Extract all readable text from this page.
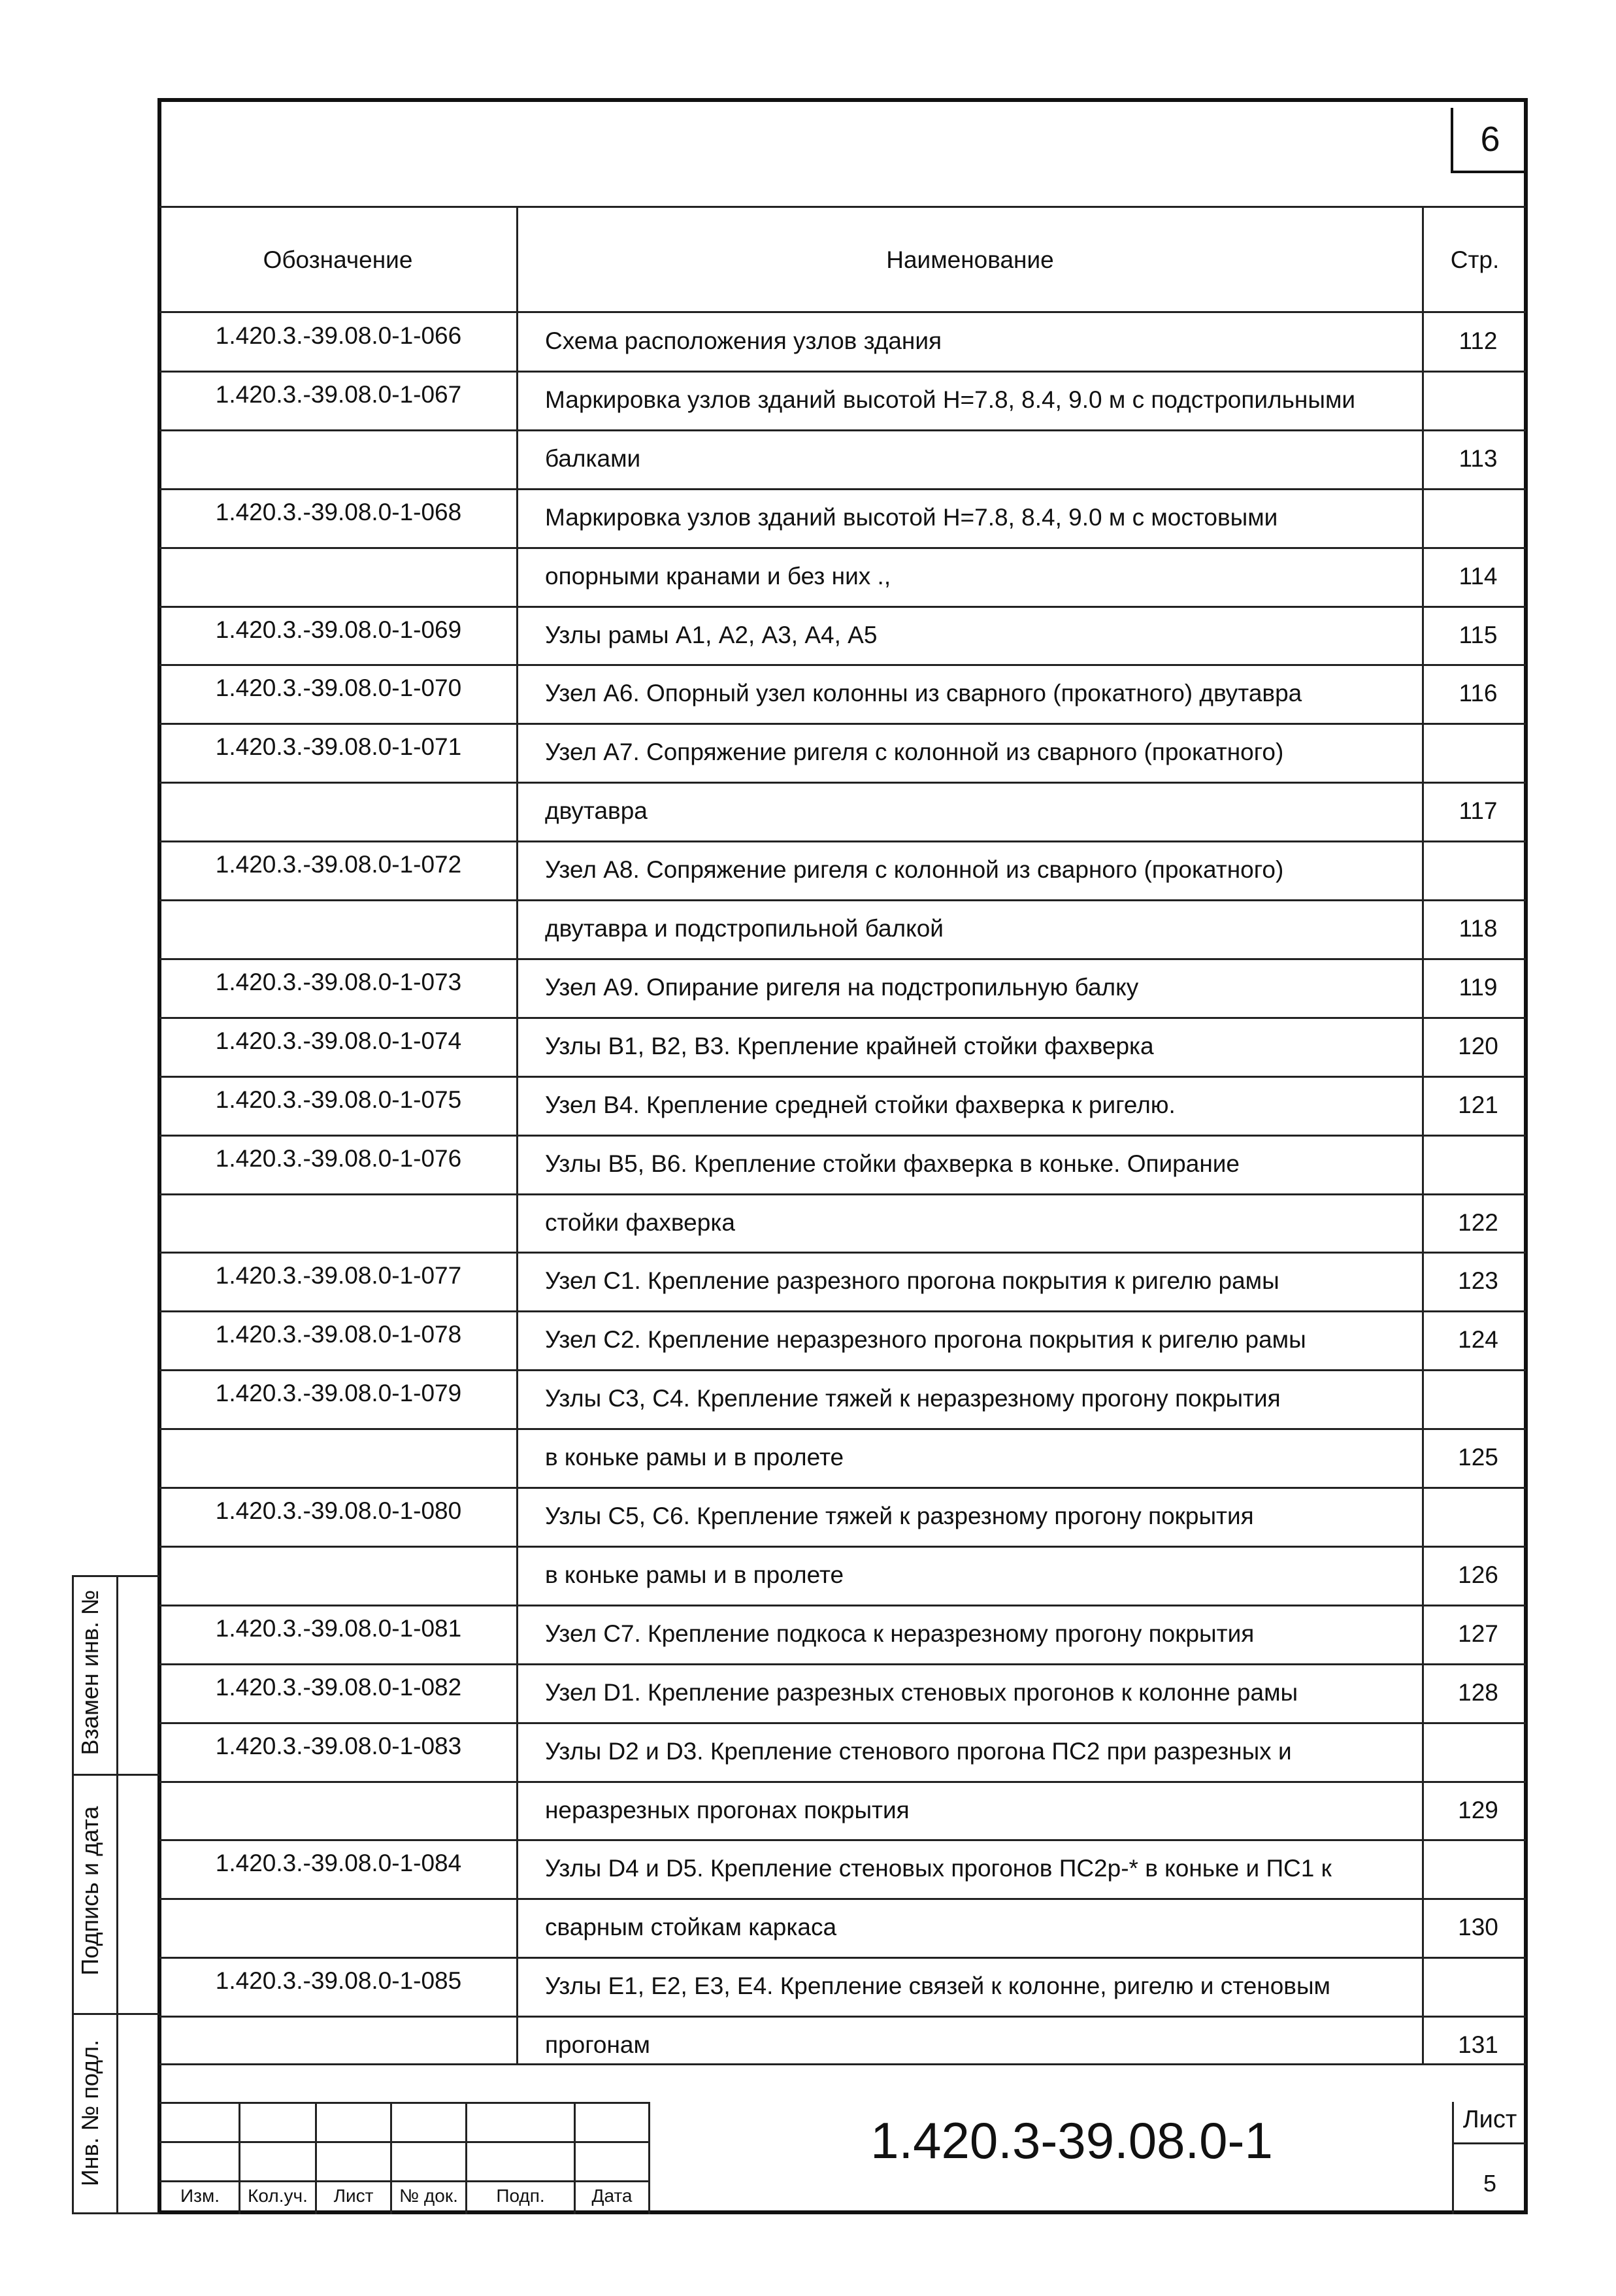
6
Обозначение	Наименование	Стр.
1.420.3.-39.08.0-1-066	Схема расположения узлов здания	112
1.420.3.-39.08.0-1-067	Маркировка узлов зданий высотой Н=7.8, 8.4, 9.0 м с подстропильными
балками	113
1.420.3.-39.08.0-1-068	Маркировка узлов зданий высотой Н=7.8, 8.4, 9.0 м с мостовыми
опорными кранами и без них .,	114
1.420.3.-39.08.0-1-069	Узлы рамы А1, А2, А3, А4, А5	115
1.420.3.-39.08.0-1-070	Узел А6. Опорный узел колонны из сварного (прокатного) двутавра	116
1.420.3.-39.08.0-1-071	Узел А7. Сопряжение ригеля с колонной из сварного (прокатного)
двутавра	117
1.420.3.-39.08.0-1-072	Узел А8. Сопряжение ригеля с колонной из сварного (прокатного)
двутавра и подстропильной балкой	118
1.420.3.-39.08.0-1-073	Узел А9. Опирание ригеля на подстропильную балку	119
1.420.3.-39.08.0-1-074	Узлы В1, В2, В3. Крепление крайней стойки фахверка	120
1.420.3.-39.08.0-1-075	Узел В4. Крепление средней стойки фахверка к ригелю.	121
1.420.3.-39.08.0-1-076	Узлы В5, В6. Крепление стойки фахверка в коньке. Опирание
стойки фахверка	122
1.420.3.-39.08.0-1-077	Узел С1. Крепление разрезного прогона покрытия к ригелю рамы	123
1.420.3.-39.08.0-1-078	Узел С2. Крепление неразрезного прогона покрытия к ригелю рамы	124
1.420.3.-39.08.0-1-079	Узлы С3, С4. Крепление тяжей к неразрезному прогону покрытия
в коньке рамы и в пролете	125
1.420.3.-39.08.0-1-080	Узлы С5, С6. Крепление тяжей к разрезному прогону покрытия
в коньке рамы и в пролете	126
1.420.3.-39.08.0-1-081	Узел С7. Крепление подкоса к неразрезному прогону покрытия	127
1.420.3.-39.08.0-1-082	Узел D1. Крепление разрезных стеновых прогонов к колонне рамы	128
1.420.3.-39.08.0-1-083	Узлы D2 и D3. Крепление стенового прогона ПС2 при разрезных и
неразрезных прогонах покрытия	129
1.420.3.-39.08.0-1-084	Узлы D4 и D5. Крепление стеновых прогонов ПС2р-* в коньке и ПС1 к
сварным стойкам каркаса	130
1.420.3.-39.08.0-1-085	Узлы Е1, Е2, Е3, Е4. Крепление связей к колонне, ригелю и стеновым
прогонам	131
Взамен инв. №
Подпись и дата
Инв. № подл.
Изм.	Кол.уч.	Лист	№ док.	Подп.	Дата
1.420.3-39.08.0-1	Лист
5
